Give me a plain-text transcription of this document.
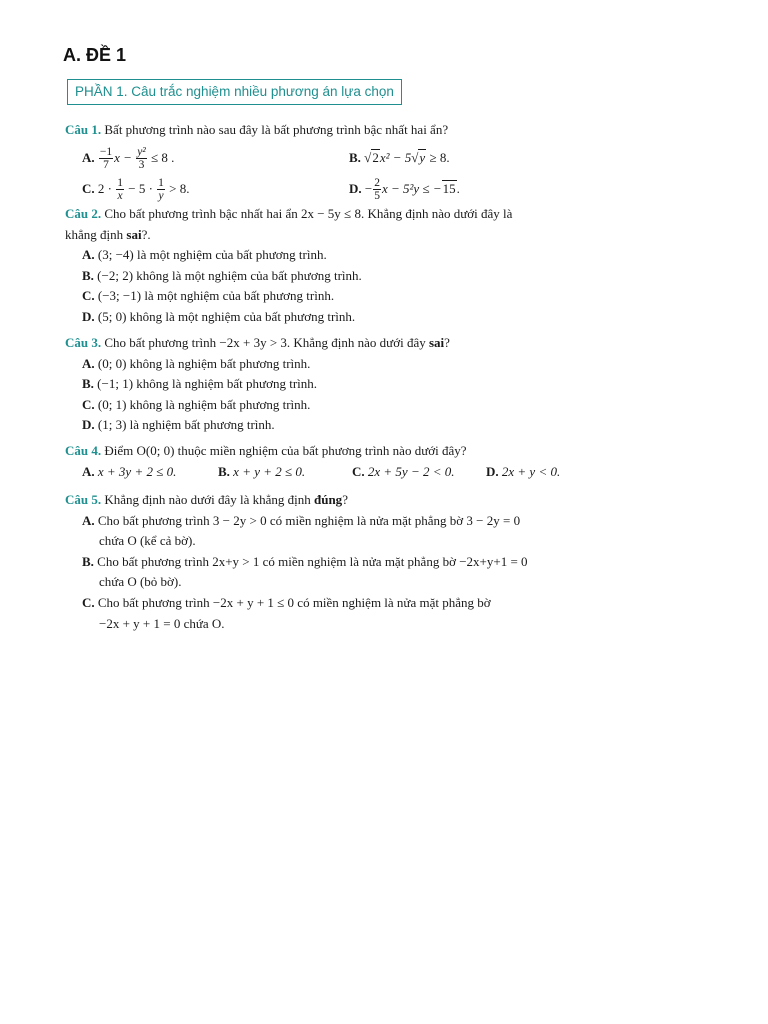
A. ĐỀ 1
PHẦN 1. Câu trắc nghiệm nhiều phương án lựa chọn
Câu 1. Bất phương trình nào sau đây là bất phương trình bậc nhất hai ẩn?
A. $\frac{-1}{7}$ $x - \frac{\text{y²}}{3} \le 8$ .	B. √2x² − 5√y ≥ 8.
C. $2 \cdot \frac{1}{x} - 5 \cdot \frac{1}{y} > 8$.	D. − $\frac{2}{5}$ x − 5²y ≤ −15.
Câu 2. Cho bất phương trình bậc nhất hai ẩn 2x − 5y ≤ 8. Khẳng định nào dưới đây là
khẳng định sai?.
A. (3; −4) là một nghiệm của bất phương trình.
B. (−2; 2) không là một nghiệm của bất phương trình.
C. (−3; −1) là một nghiệm của bất phương trình.
D. (5; 0) không là một nghiệm của bất phương trình.
Câu 3. Cho bất phương trình −2x + 3y > 3. Khẳng định nào dưới đây sai?
A. (0; 0) không là nghiệm bất phương trình.
B. (−1; 1) không là nghiệm bất phương trình.
C. (0; 1) không là nghiệm bất phương trình.
D. (1; 3) là nghiệm bất phương trình.
Câu 4. Điểm O(0; 0) thuộc miền nghiệm của bất phương trình nào dưới đây?
A. x + 3y + 2 ≤ 0.	B. x + y + 2 ≤ 0.	C. 2x + 5y − 2 < 0.	D. 2x + y < 0.
Câu 5. Khẳng định nào dưới đây là khẳng định đúng?
A. Cho bất phương trình 3 − 2y > 0 có miền nghiệm là nửa mặt phẳng bờ 3 − 2y = 0
chứa O (kể cả bờ).
B. Cho bất phương trình 2x+y > 1 có miền nghiệm là nửa mặt phẳng bờ −2x+y+1 = 0
chứa O (bỏ bờ).
C. Cho bất phương trình −2x + y + 1 ≤ 0 có miền nghiệm là nửa mặt phẳng bờ
−2x + y + 1 = 0 chứa O.
